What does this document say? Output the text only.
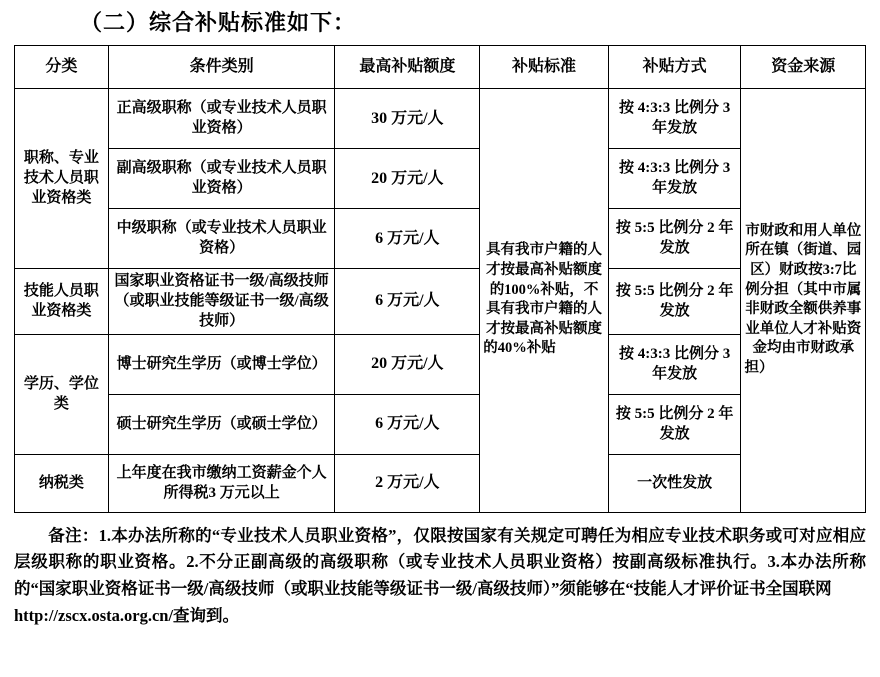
（二）综合补贴标准如下：
分类	条件类别	最高补贴额度	补贴标准	补贴方式	资金来源
职称、专业技术人员职业资格类	正高级职称（或专业技术人员职业资格）	30 万元/人	具有我市户籍的人才按最高补贴额度的100%补贴，不具有我市户籍的人才按最高补贴额度的40%补贴	按 4:3:3 比例分 3 年发放	市财政和用人单位所在镇（街道、园区）财政按3:7比例分担（其中市属非财政全额供养事业单位人才补贴资金均由市财政承担）
	副高级职称（或专业技术人员职业资格）	20 万元/人		按 4:3:3 比例分 3 年发放	
	中级职称（或专业技术人员职业资格）	6 万元/人		按 5:5 比例分 2 年发放	
技能人员职业资格类	国家职业资格证书一级/高级技师（或职业技能等级证书一级/高级技师）	6 万元/人		按 5:5 比例分 2 年发放	
学历、学位类	博士研究生学历（或博士学位）	20 万元/人		按 4:3:3 比例分 3 年发放	
	硕士研究生学历（或硕士学位）	6 万元/人		按 5:5 比例分 2 年发放	
纳税类	上年度在我市缴纳工资薪金个人所得税3 万元以上	2 万元/人		一次性发放	
备注：1.本办法所称的“专业技术人员职业资格”，仅限按国家有关规定可聘任为相应专业技术职务或可对应相应层级职称的职业资格。2.不分正副高级的高级职称（或专业技术人员职业资格）按副高级标准执行。3.本办法所称的“国家职业资格证书一级/高级技师（或职业技能等级证书一级/高级技师）”须能够在“技能人才评价证书全国联网
http://zscx.osta.org.cn/查询到。
